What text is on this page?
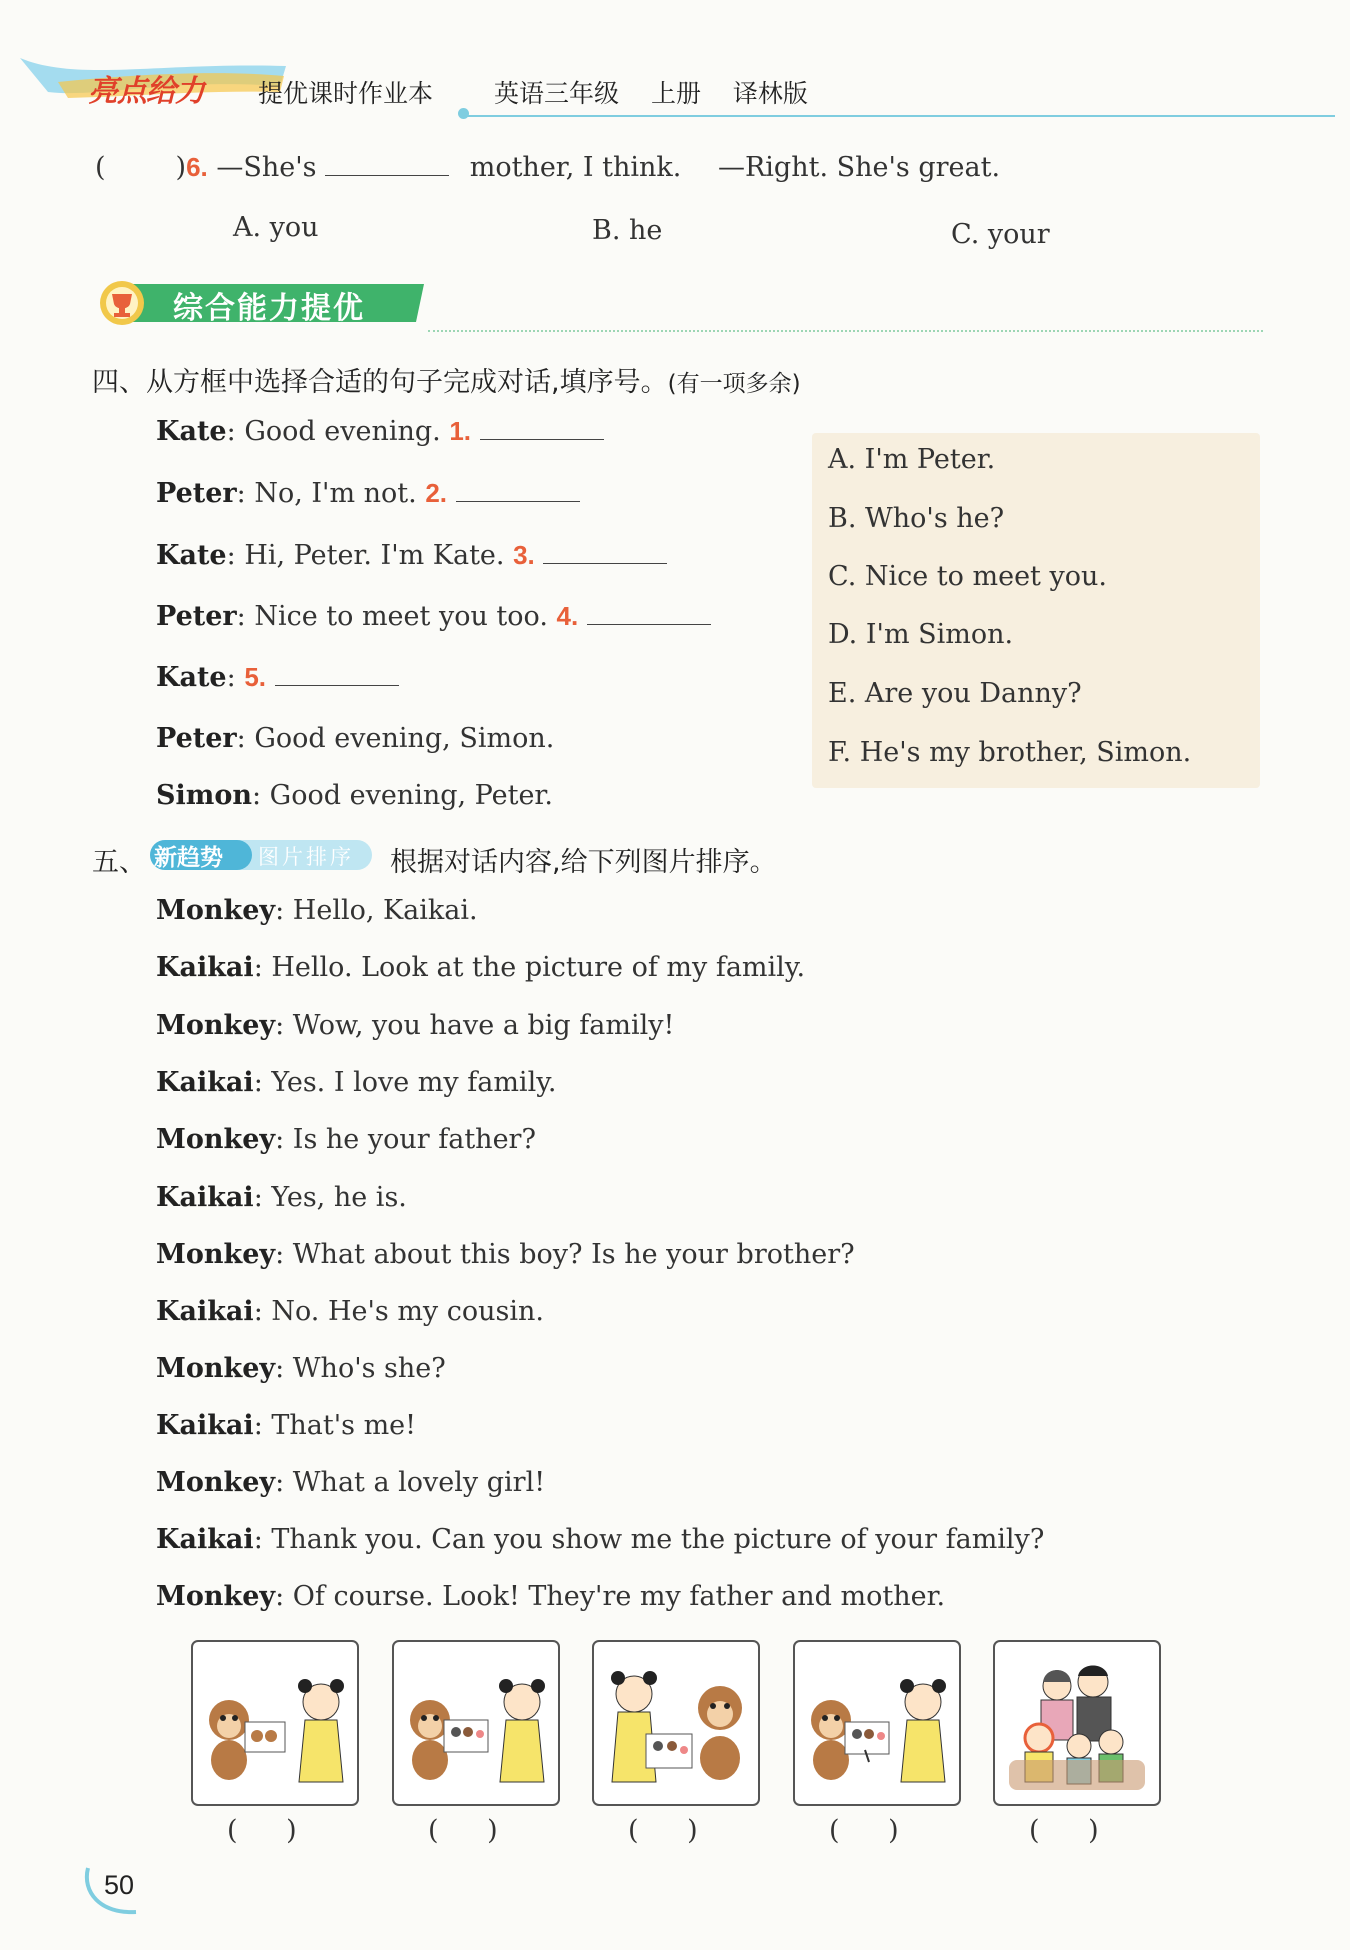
亮点给力 提优课时作业本 英语三年级 上册 译林版
(	)6. —She's	mother, I think. —Right. She's great.
A. you	B. he	C. your
综合能力提优
四、从方框中选择合适的句子完成对话,填序号。(有一项多余)
Kate: Good evening. 1.
Peter: No, I'm not. 2.
Kate: Hi, Peter. I'm Kate. 3.
Peter: Nice to meet you too. 4.
Kate: 5.
Peter: Good evening, Simon.
Simon: Good evening, Peter.
A. I'm Peter.
B. Who's he?
C. Nice to meet you.
D. I'm Simon.
E. Are you Danny?
F. He's my brother, Simon.
五、 新趋势 图片排序 根据对话内容,给下列图片排序。
Monkey: Hello, Kaikai.
Kaikai: Hello. Look at the picture of my family.
Monkey: Wow, you have a big family!
Kaikai: Yes. I love my family.
Monkey: Is he your father?
Kaikai: Yes, he is.
Monkey: What about this boy? Is he your brother?
Kaikai: No. He's my cousin.
Monkey: Who's she?
Kaikai: That's me!
Monkey: What a lovely girl!
Kaikai: Thank you. Can you show me the picture of your family?
Monkey: Of course. Look! They're my father and mother.
( )	( )	( )	( )	( )
50
